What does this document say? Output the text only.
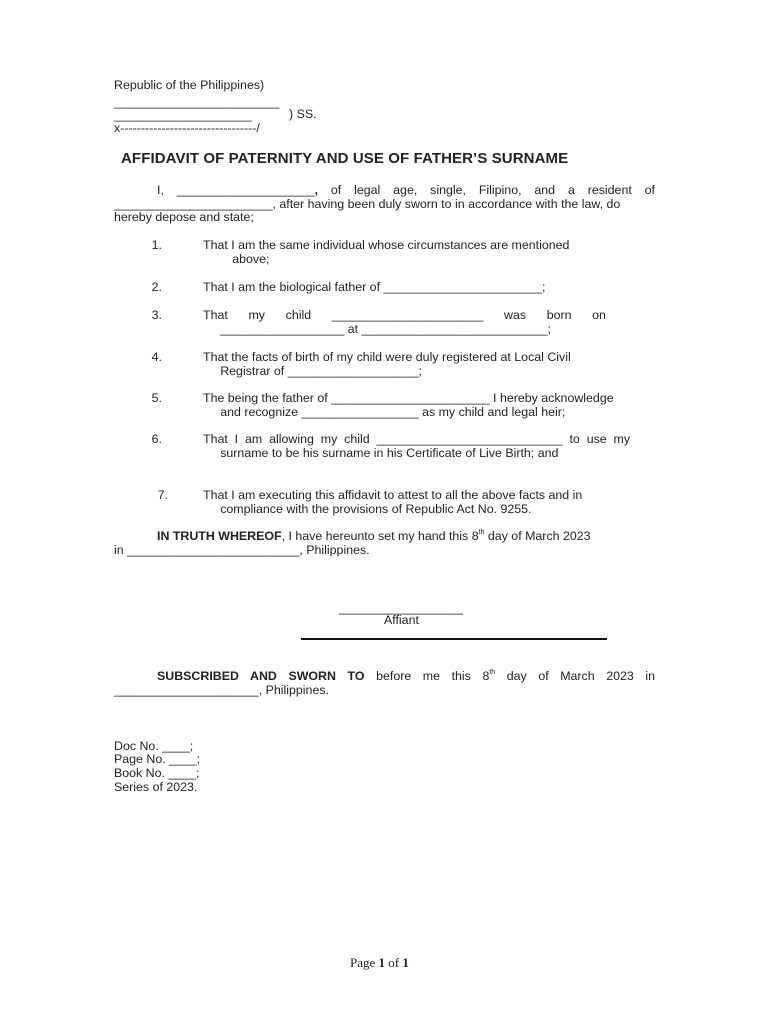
Republic of the Philippines)
________________________
____________________	) SS.
x---------------------------------/
AFFIDAVIT OF PATERNITY AND USE OF FATHER’S SURNAME
I,  ____________________,  of  legal  age,  single,  Filipino,  and  a  resident  of
_______________________, after having been duly sworn to in accordance with the law, do
hereby depose and state;
1.	That I am the same individual whose circumstances are mentioned
above;
2.	That I am the biological father of _______________________;
3.	That      my      child      ______________________      was      born      on
__________________ at ___________________________;
4.	That the facts of birth of my child were duly registered at Local Civil
Registrar of ___________________;
5.	The being the father of _______________________ I hereby acknowledge
and recognize _________________ as my child and legal heir;
6.	That  I  am  allowing  my  child  ___________________________  to  use  my
surname to be his surname in his Certificate of Live Birth; and
7.	That I am executing this affidavit to attest to all the above facts and in
compliance with the provisions of Republic Act No. 9255.
IN TRUTH WHEREOF, I have hereunto set my hand this 8th day of March 2023
in _________________________, Philippines.
__________________
Affiant
SUBSCRIBED  AND  SWORN  TO  before  me  this  8th  day  of  March  2023  in
_____________________, Philippines.
Doc No. ____;
Page No. ____;
Book No. ____;
Series of 2023.
Page 1 of 1
